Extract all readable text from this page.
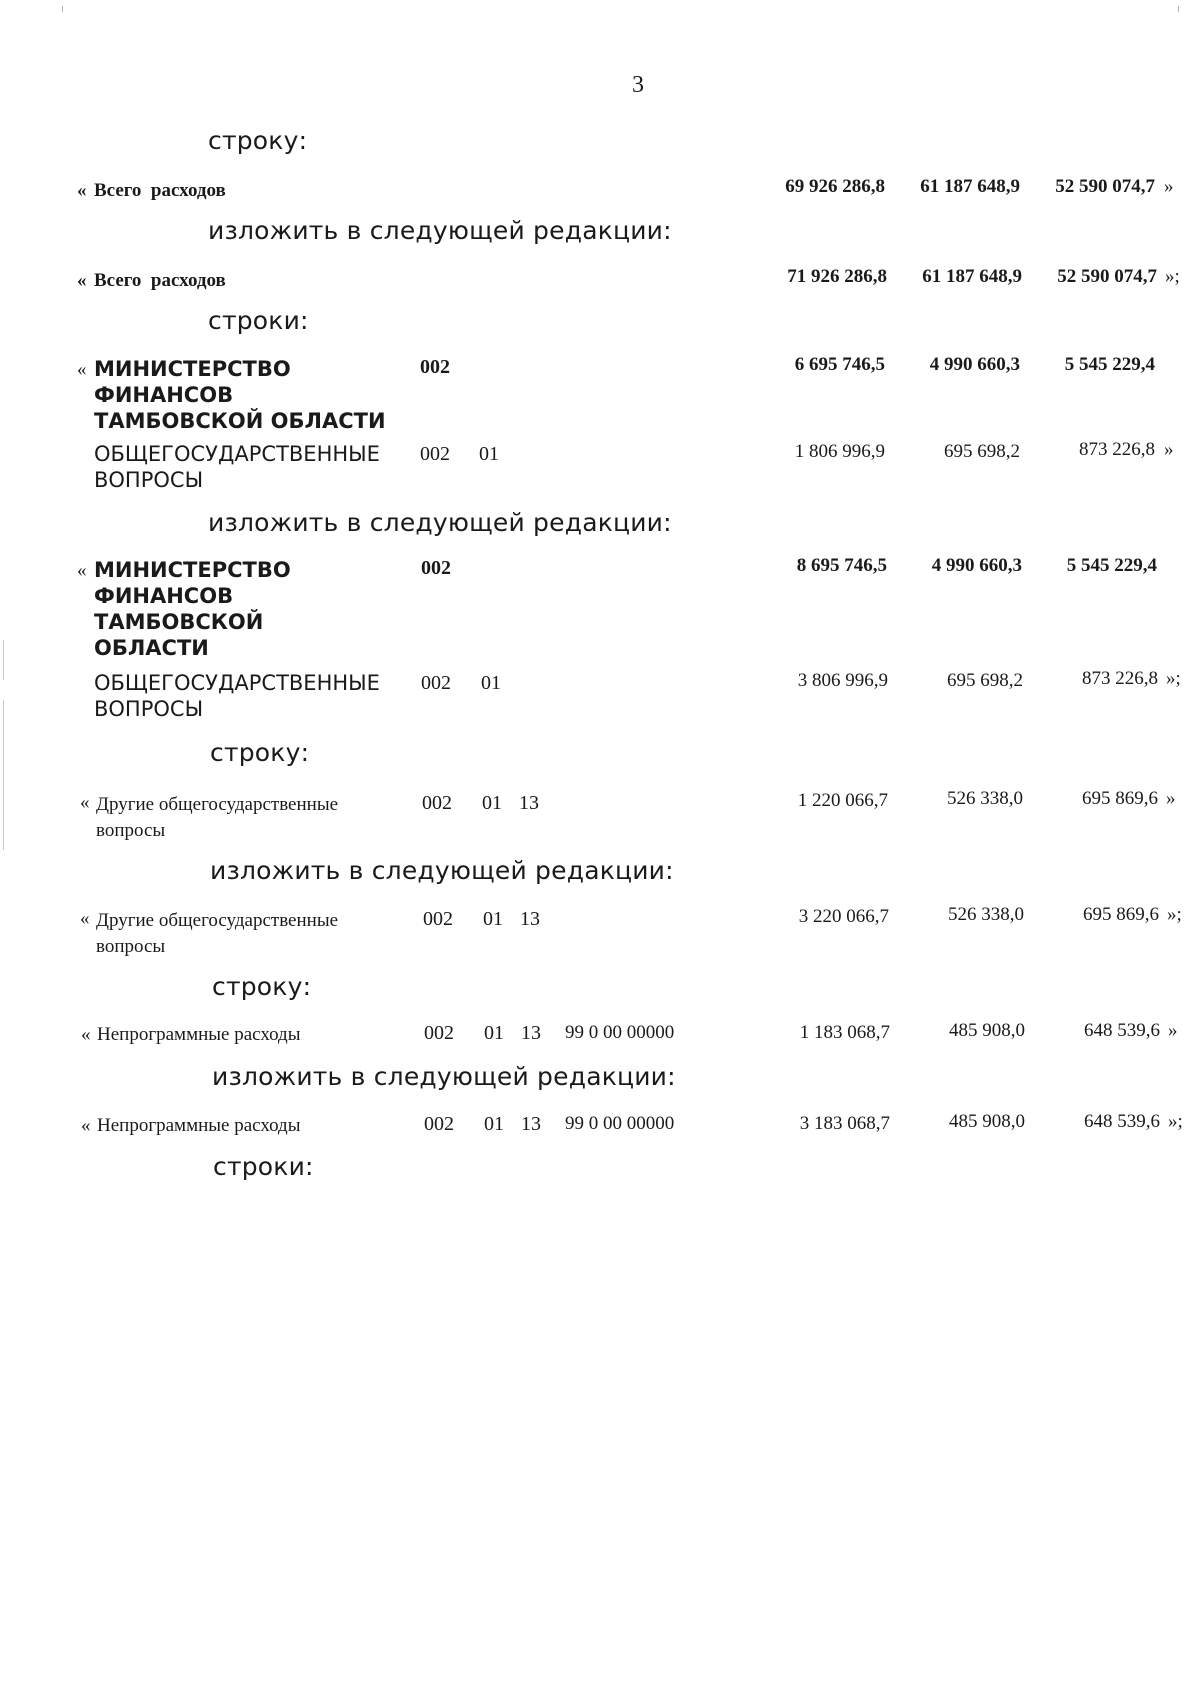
3
строку:
« Всего  расходов	69 926 286,8	61 187 648,9	52 590 074,7 »
изложить в следующей редакции:
« Всего  расходов	71 926 286,8	61 187 648,9	52 590 074,7 »;
строки:
« МИНИСТЕРСТВО
ФИНАНСОВ
ТАМБОВСКОЙ ОБЛАСТИ
002	6 695 746,5	4 990 660,3	5 545 229,4
ОБЩЕГОСУДАРСТВЕННЫЕ
ВОПРОСЫ
002 01	1 806 996,9	695 698,2	873 226,8 »
изложить в следующей редакции:
« МИНИСТЕРСТВО
ФИНАНСОВ
ТАМБОВСКОЙ
ОБЛАСТИ
002	8 695 746,5	4 990 660,3	5 545 229,4
ОБЩЕГОСУДАРСТВЕННЫЕ
ВОПРОСЫ
002 01	3 806 996,9	695 698,2	873 226,8 »;
строку:
« Другие общегосударственные
вопросы
002 01 13	1 220 066,7	526 338,0	695 869,6 »
изложить в следующей редакции:
« Другие общегосударственные
вопросы
002 01 13	3 220 066,7	526 338,0	695 869,6 »;
строку:
« Непрограммные расходы	002 01 13 99 0 00 00000	1 183 068,7	485 908,0	648 539,6 »
изложить в следующей редакции:
« Непрограммные расходы	002 01 13 99 0 00 00000	3 183 068,7	485 908,0	648 539,6 »;
строки:
